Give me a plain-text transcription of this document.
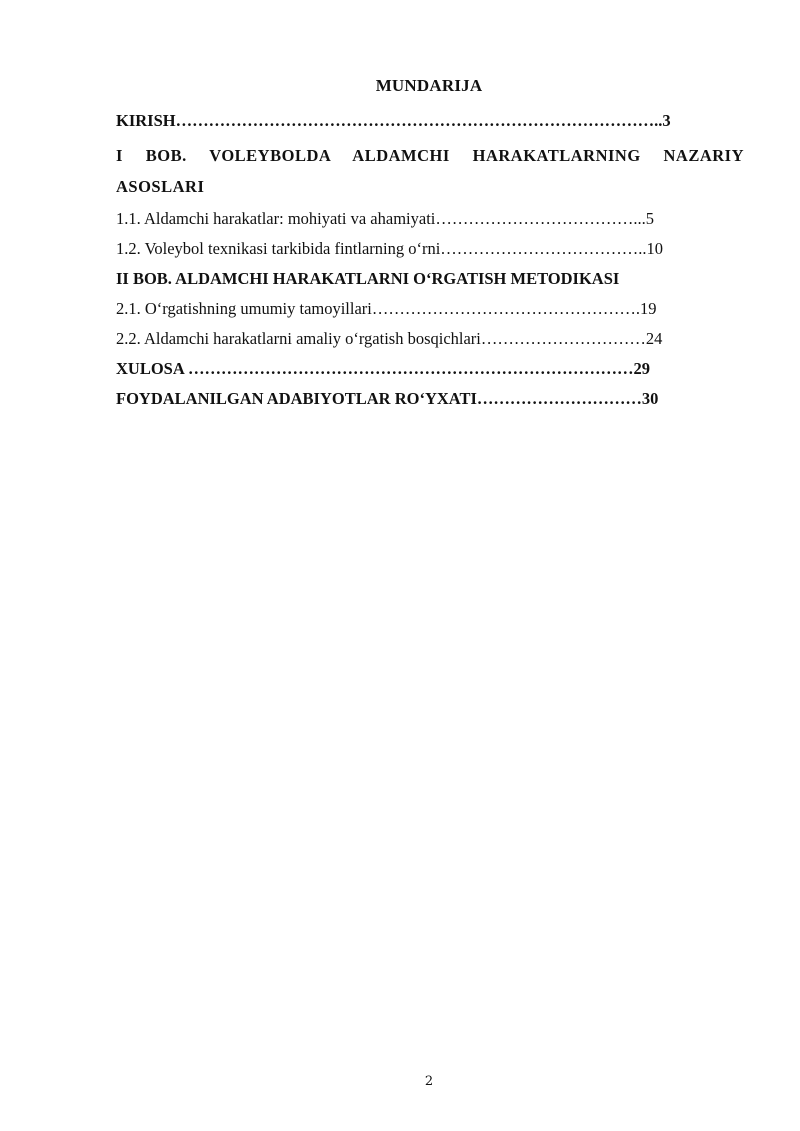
MUNDARIJA
KIRISH……………………………………………………………………………..3
I BOB. VOLEYBOLDA ALDAMCHI HARAKATLARNING NAZARIY ASOSLARI
1.1. Aldamchi harakatlar: mohiyati va ahamiyati………………………………...5
1.2. Voleybol texnikasi tarkibida fintlarning o‘rni………………………………..10
II BOB. ALDAMCHI HARAKATLARNI O‘RGATISH METODIKASI
2.1. O‘rgatishning umumiy tamoyillari………………………………………….19
2.2. Aldamchi harakatlarni amaliy o‘rgatish bosqichlari…………………………24
XULOSA ………………………………………………………………………29
FOYDALANILGAN ADABIYOTLAR RO‘YXATI…………………………30
2
